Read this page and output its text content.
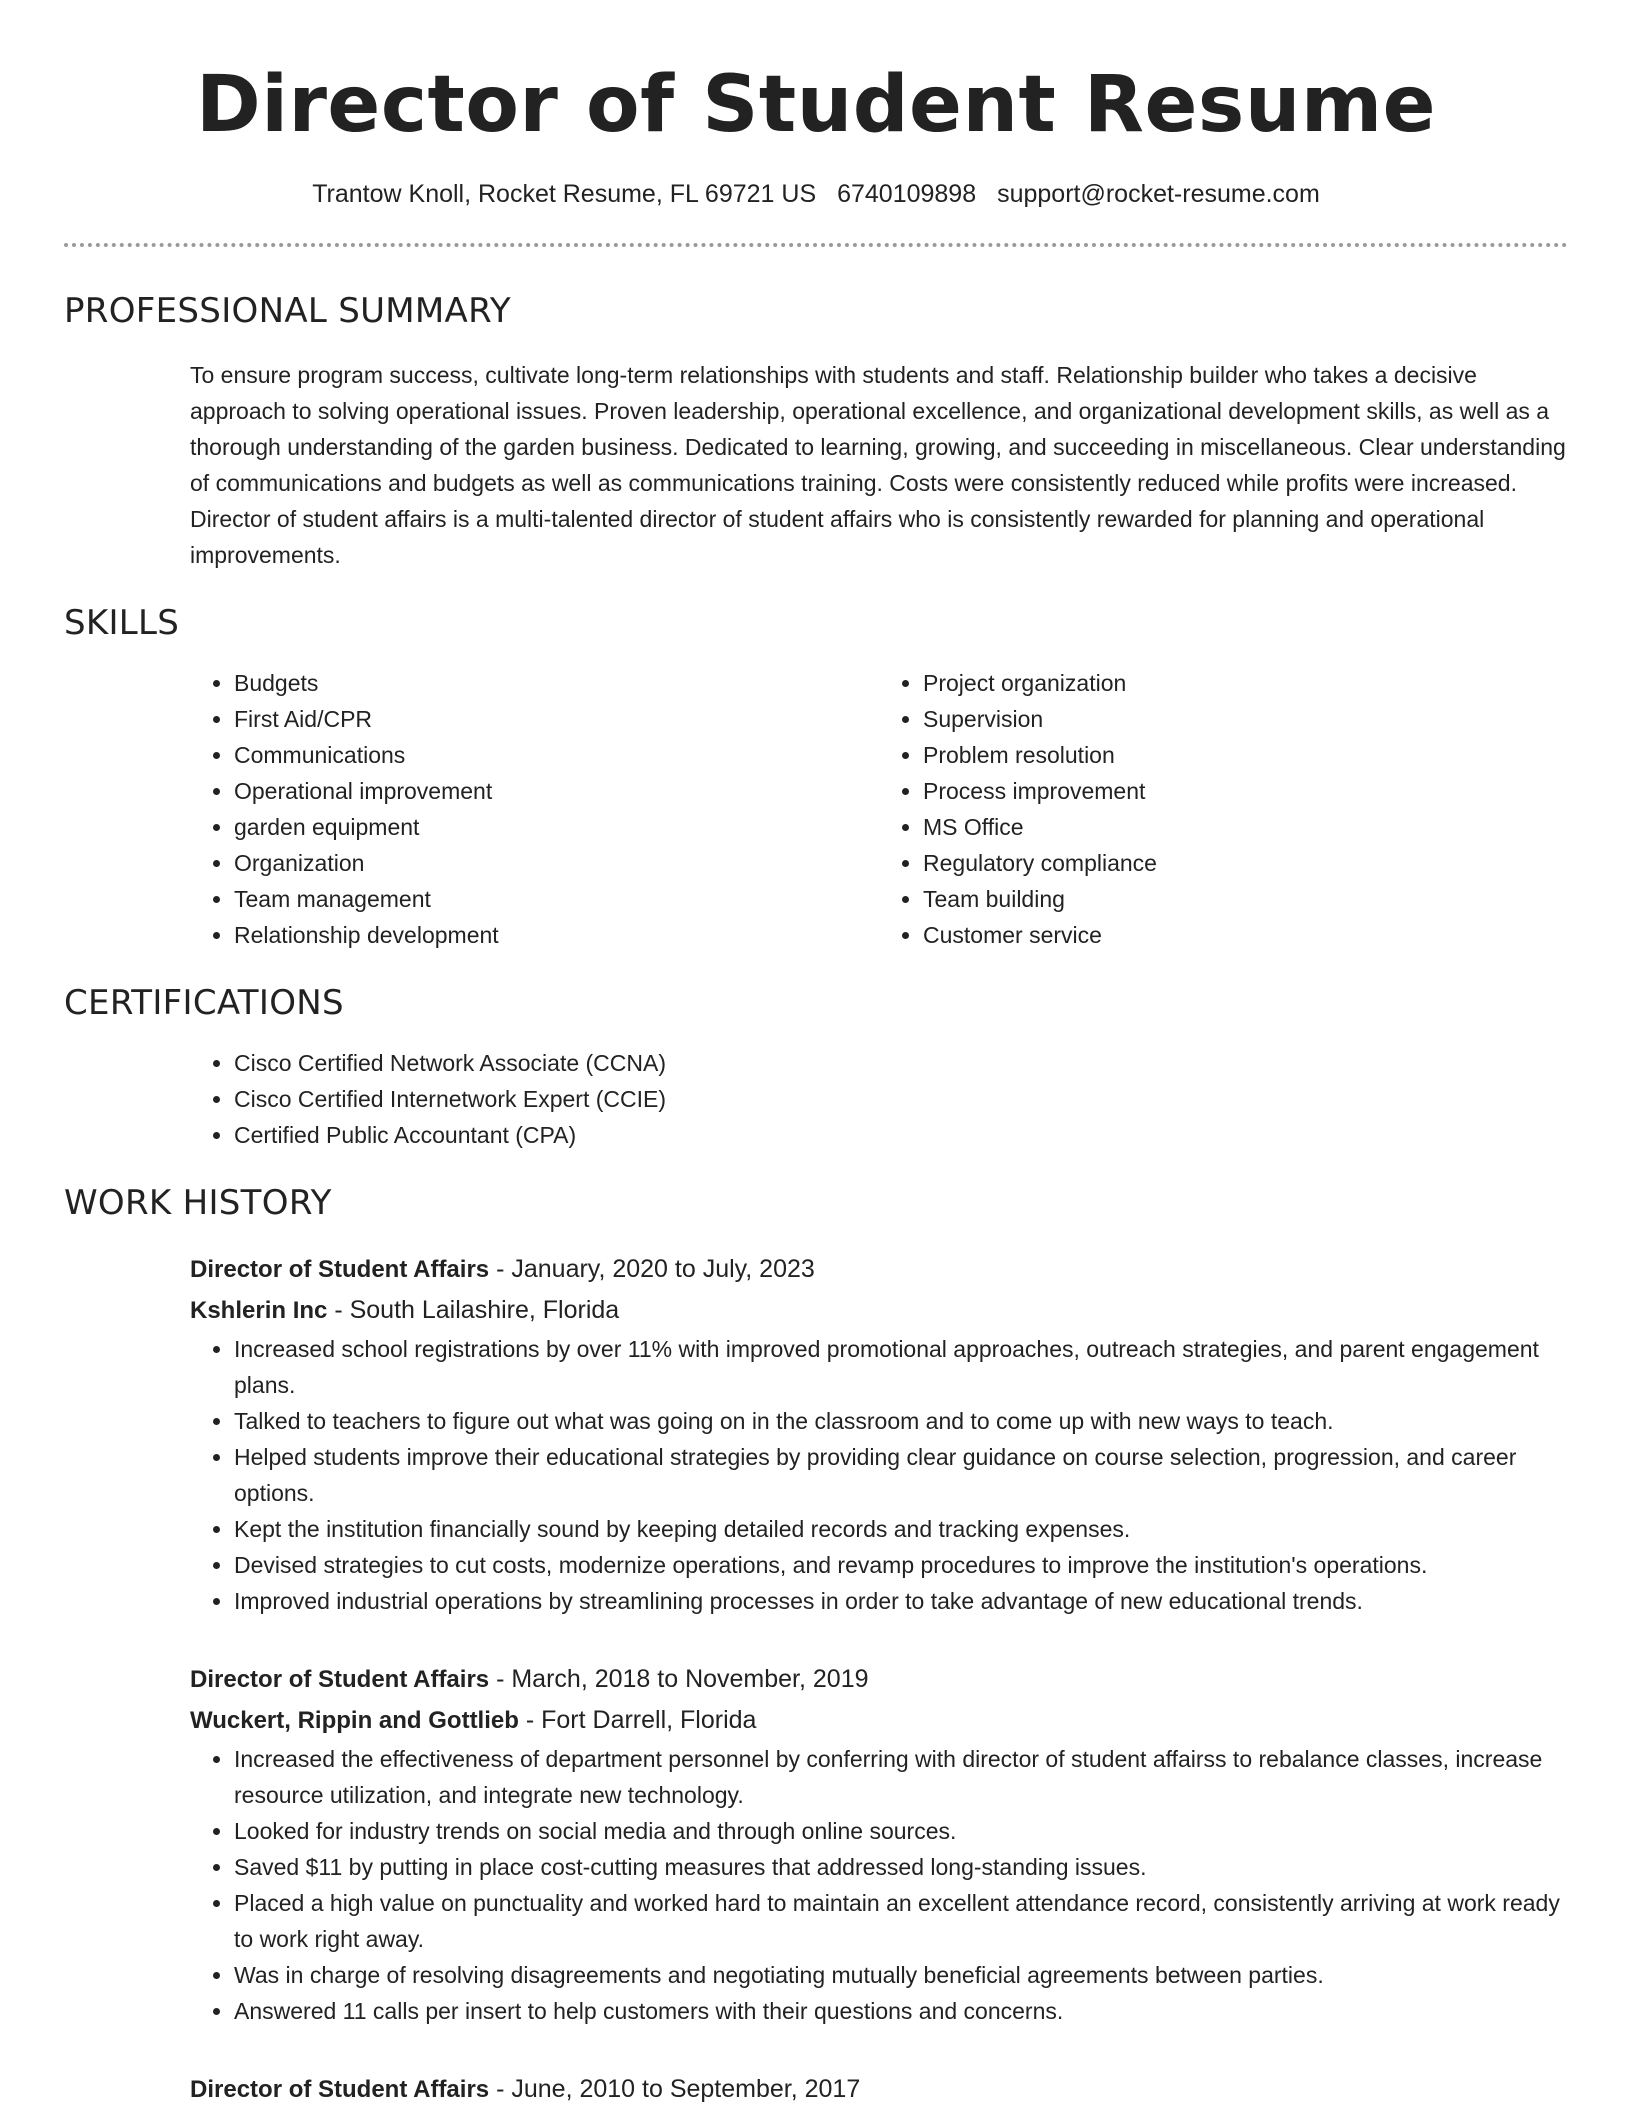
Director of Student Resume
Trantow Knoll, Rocket Resume, FL 69721 US 6740109898 support@rocket-resume.com
PROFESSIONAL SUMMARY

To ensure program success, cultivate long-term relationships with students and staff. Relationship builder who takes a decisive approach to solving operational issues. Proven leadership, operational excellence, and organizational development skills, as well as a thorough understanding of the garden business. Dedicated to learning, growing, and succeeding in miscellaneous. Clear understanding of communications and budgets as well as communications training. Costs were consistently reduced while profits were increased. Director of student affairs is a multi-talented director of student affairs who is consistently rewarded for planning and operational improvements.

SKILLS
• Budgets
• First Aid/CPR
• Communications
• Operational improvement
• garden equipment
• Organization
• Team management
• Relationship development
• Project organization
• Supervision
• Problem resolution
• Process improvement
• MS Office
• Regulatory compliance
• Team building
• Customer service
CERTIFICATIONS
• Cisco Certified Network Associate (CCNA)
• Cisco Certified Internetwork Expert (CCIE)
• Certified Public Accountant (CPA)
WORK HISTORY
Director of Student Affairs - January, 2020 to July, 2023
Kshlerin Inc - South Lailashire, Florida
• Increased school registrations by over 11% with improved promotional approaches, outreach strategies, and parent engagement plans.
• Talked to teachers to figure out what was going on in the classroom and to come up with new ways to teach.
• Helped students improve their educational strategies by providing clear guidance on course selection, progression, and career options.
• Kept the institution financially sound by keeping detailed records and tracking expenses.
• Devised strategies to cut costs, modernize operations, and revamp procedures to improve the institution's operations.
• Improved industrial operations by streamlining processes in order to take advantage of new educational trends.
Director of Student Affairs - March, 2018 to November, 2019
Wuckert, Rippin and Gottlieb - Fort Darrell, Florida
• Increased the effectiveness of department personnel by conferring with director of student affairss to rebalance classes, increase resource utilization, and integrate new technology.
• Looked for industry trends on social media and through online sources.
• Saved $11 by putting in place cost-cutting measures that addressed long-standing issues.
• Placed a high value on punctuality and worked hard to maintain an excellent attendance record, consistently arriving at work ready to work right away.
• Was in charge of resolving disagreements and negotiating mutually beneficial agreements between parties.
• Answered 11 calls per insert to help customers with their questions and concerns.
Director of Student Affairs - June, 2010 to September, 2017
